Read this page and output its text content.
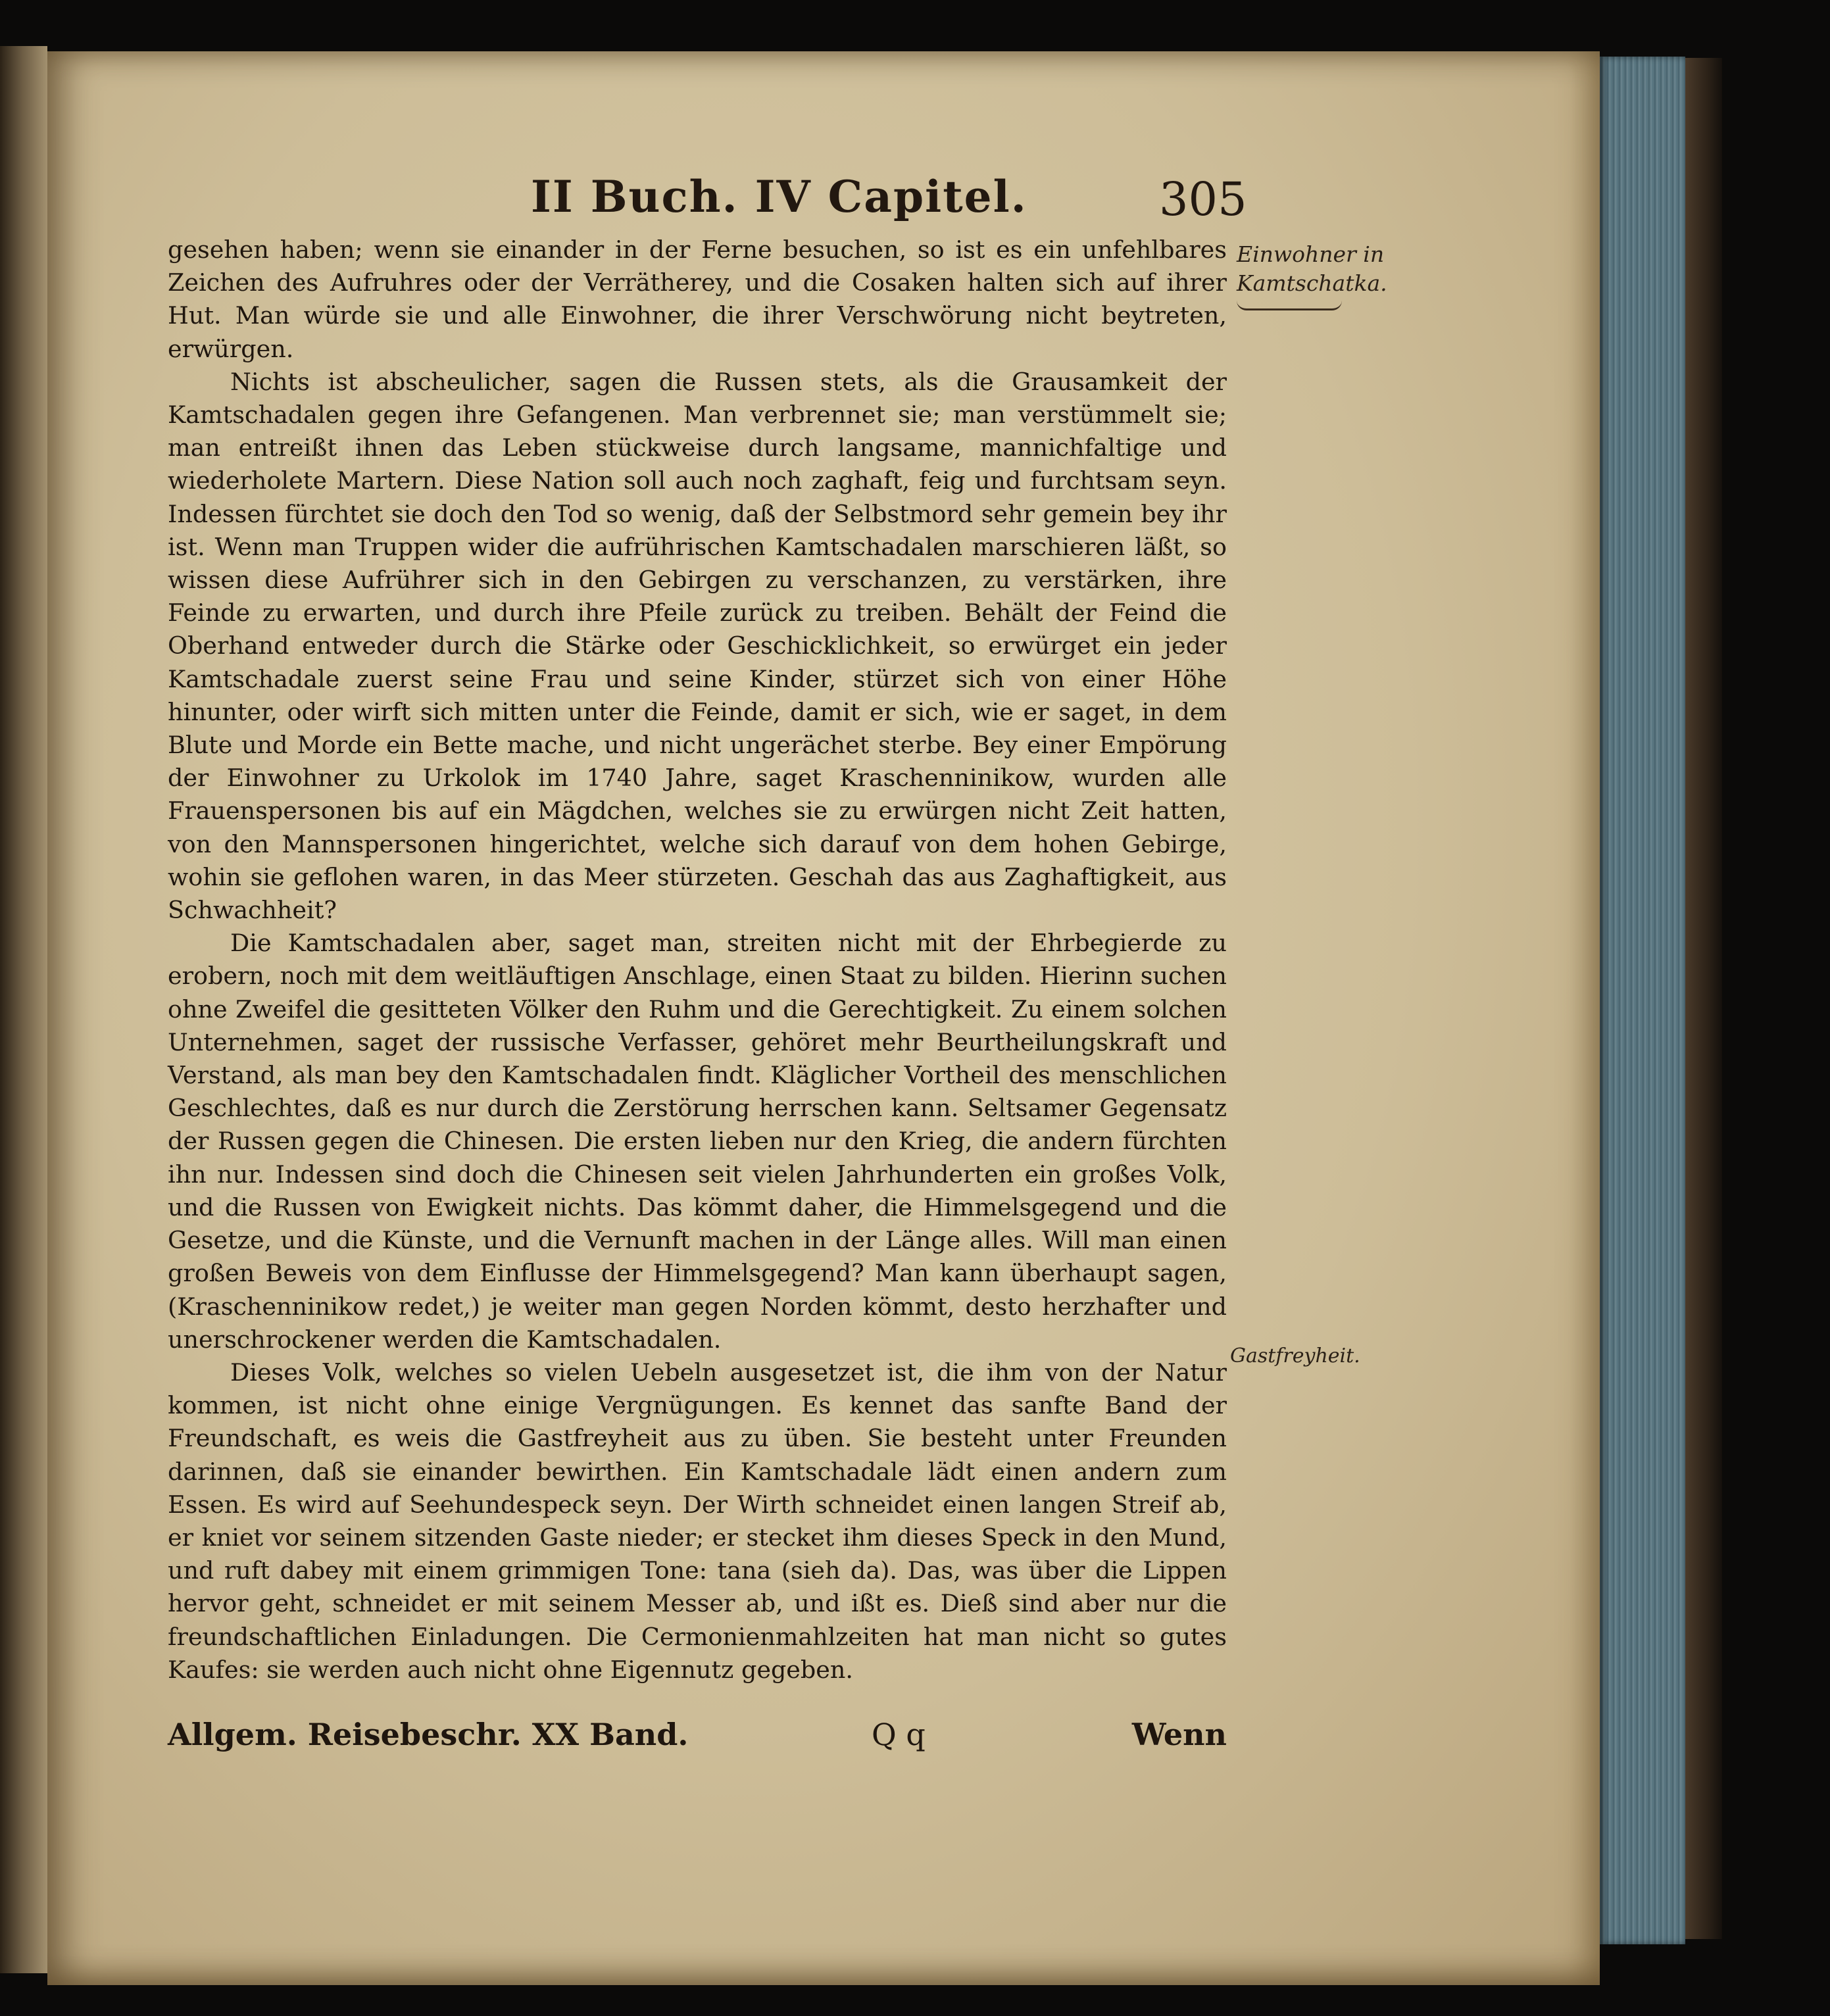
II Buch. IV Capitel.	305

gesehen haben; wenn sie einander in der Ferne besuchen, so ist es ein unfehlbares Zeichen des Aufruhres oder der Verrätherey, und die Cosaken halten sich auf ihrer Hut. Man würde sie und alle Einwohner, die ihrer Verschwörung nicht beytreten, erwürgen.

Nichts ist abscheulicher, sagen die Russen stets, als die Grausamkeit der Kamtschadalen gegen ihre Gefangenen. Man verbrennet sie; man verstümmelt sie; man entreißt ihnen das Leben stückweise durch langsame, mannichfaltige und wiederholete Martern. Diese Nation soll auch noch zaghaft, feig und furchtsam seyn. Indessen fürchtet sie doch den Tod so wenig, daß der Selbstmord sehr gemein bey ihr ist. Wenn man Truppen wider die aufrührischen Kamtschadalen marschieren läßt, so wissen diese Aufrührer sich in den Gebirgen zu verschanzen, zu verstärken, ihre Feinde zu erwarten, und durch ihre Pfeile zurück zu treiben. Behält der Feind die Oberhand entweder durch die Stärke oder Geschicklichkeit, so erwürget ein jeder Kamtschadale zuerst seine Frau und seine Kinder, stürzet sich von einer Höhe hinunter, oder wirft sich mitten unter die Feinde, damit er sich, wie er saget, in dem Blute und Morde ein Bette mache, und nicht ungerächet sterbe. Bey einer Empörung der Einwohner zu Urkolok im 1740 Jahre, saget Kraschenninikow, wurden alle Frauenspersonen bis auf ein Mägdchen, welches sie zu erwürgen nicht Zeit hatten, von den Mannspersonen hingerichtet, welche sich darauf von dem hohen Gebirge, wohin sie geflohen waren, in das Meer stürzeten. Geschah das aus Zaghaftigkeit, aus Schwachheit?

Die Kamtschadalen aber, saget man, streiten nicht mit der Ehrbegierde zu erobern, noch mit dem weitläuftigen Anschlage, einen Staat zu bilden. Hierinn suchen ohne Zweifel die gesitteten Völker den Ruhm und die Gerechtigkeit. Zu einem solchen Unternehmen, saget der russische Verfasser, gehöret mehr Beurtheilungskraft und Verstand, als man bey den Kamtschadalen findt. Kläglicher Vortheil des menschlichen Geschlechtes, daß es nur durch die Zerstörung herrschen kann. Seltsamer Gegensatz der Russen gegen die Chinesen. Die ersten lieben nur den Krieg, die andern fürchten ihn nur. Indessen sind doch die Chinesen seit vielen Jahrhunderten ein großes Volk, und die Russen von Ewigkeit nichts. Das kömmt daher, die Himmelsgegend und die Gesetze, und die Künste, und die Vernunft machen in der Länge alles. Will man einen großen Beweis von dem Einflusse der Himmelsgegend? Man kann überhaupt sagen, (Kraschenninikow redet,) je weiter man gegen Norden kömmt, desto herzhafter und unerschrockener werden die Kamtschadalen.

Dieses Volk, welches so vielen Uebeln ausgesetzet ist, die ihm von der Natur kommen, ist nicht ohne einige Vergnügungen. Es kennet das sanfte Band der Freundschaft, es weis die Gastfreyheit aus zu üben. Sie besteht unter Freunden darinnen, daß sie einander bewirthen. Ein Kamtschadale lädt einen andern zum Essen. Es wird auf Seehundespeck seyn. Der Wirth schneidet einen langen Streif ab, er kniet vor seinem sitzenden Gaste nieder; er stecket ihm dieses Speck in den Mund, und ruft dabey mit einem grimmigen Tone: tana (sieh da). Das, was über die Lippen hervor geht, schneidet er mit seinem Messer ab, und ißt es. Dieß sind aber nur die freundschaftlichen Einladungen. Die Cermonienmahlzeiten hat man nicht so gutes Kaufes: sie werden auch nicht ohne Eigennutz gegeben.

Einwohner in Kamtschatka.
Gastfreyheit.
Allgem. Reisebeschr. XX Band.	Q q	Wenn
